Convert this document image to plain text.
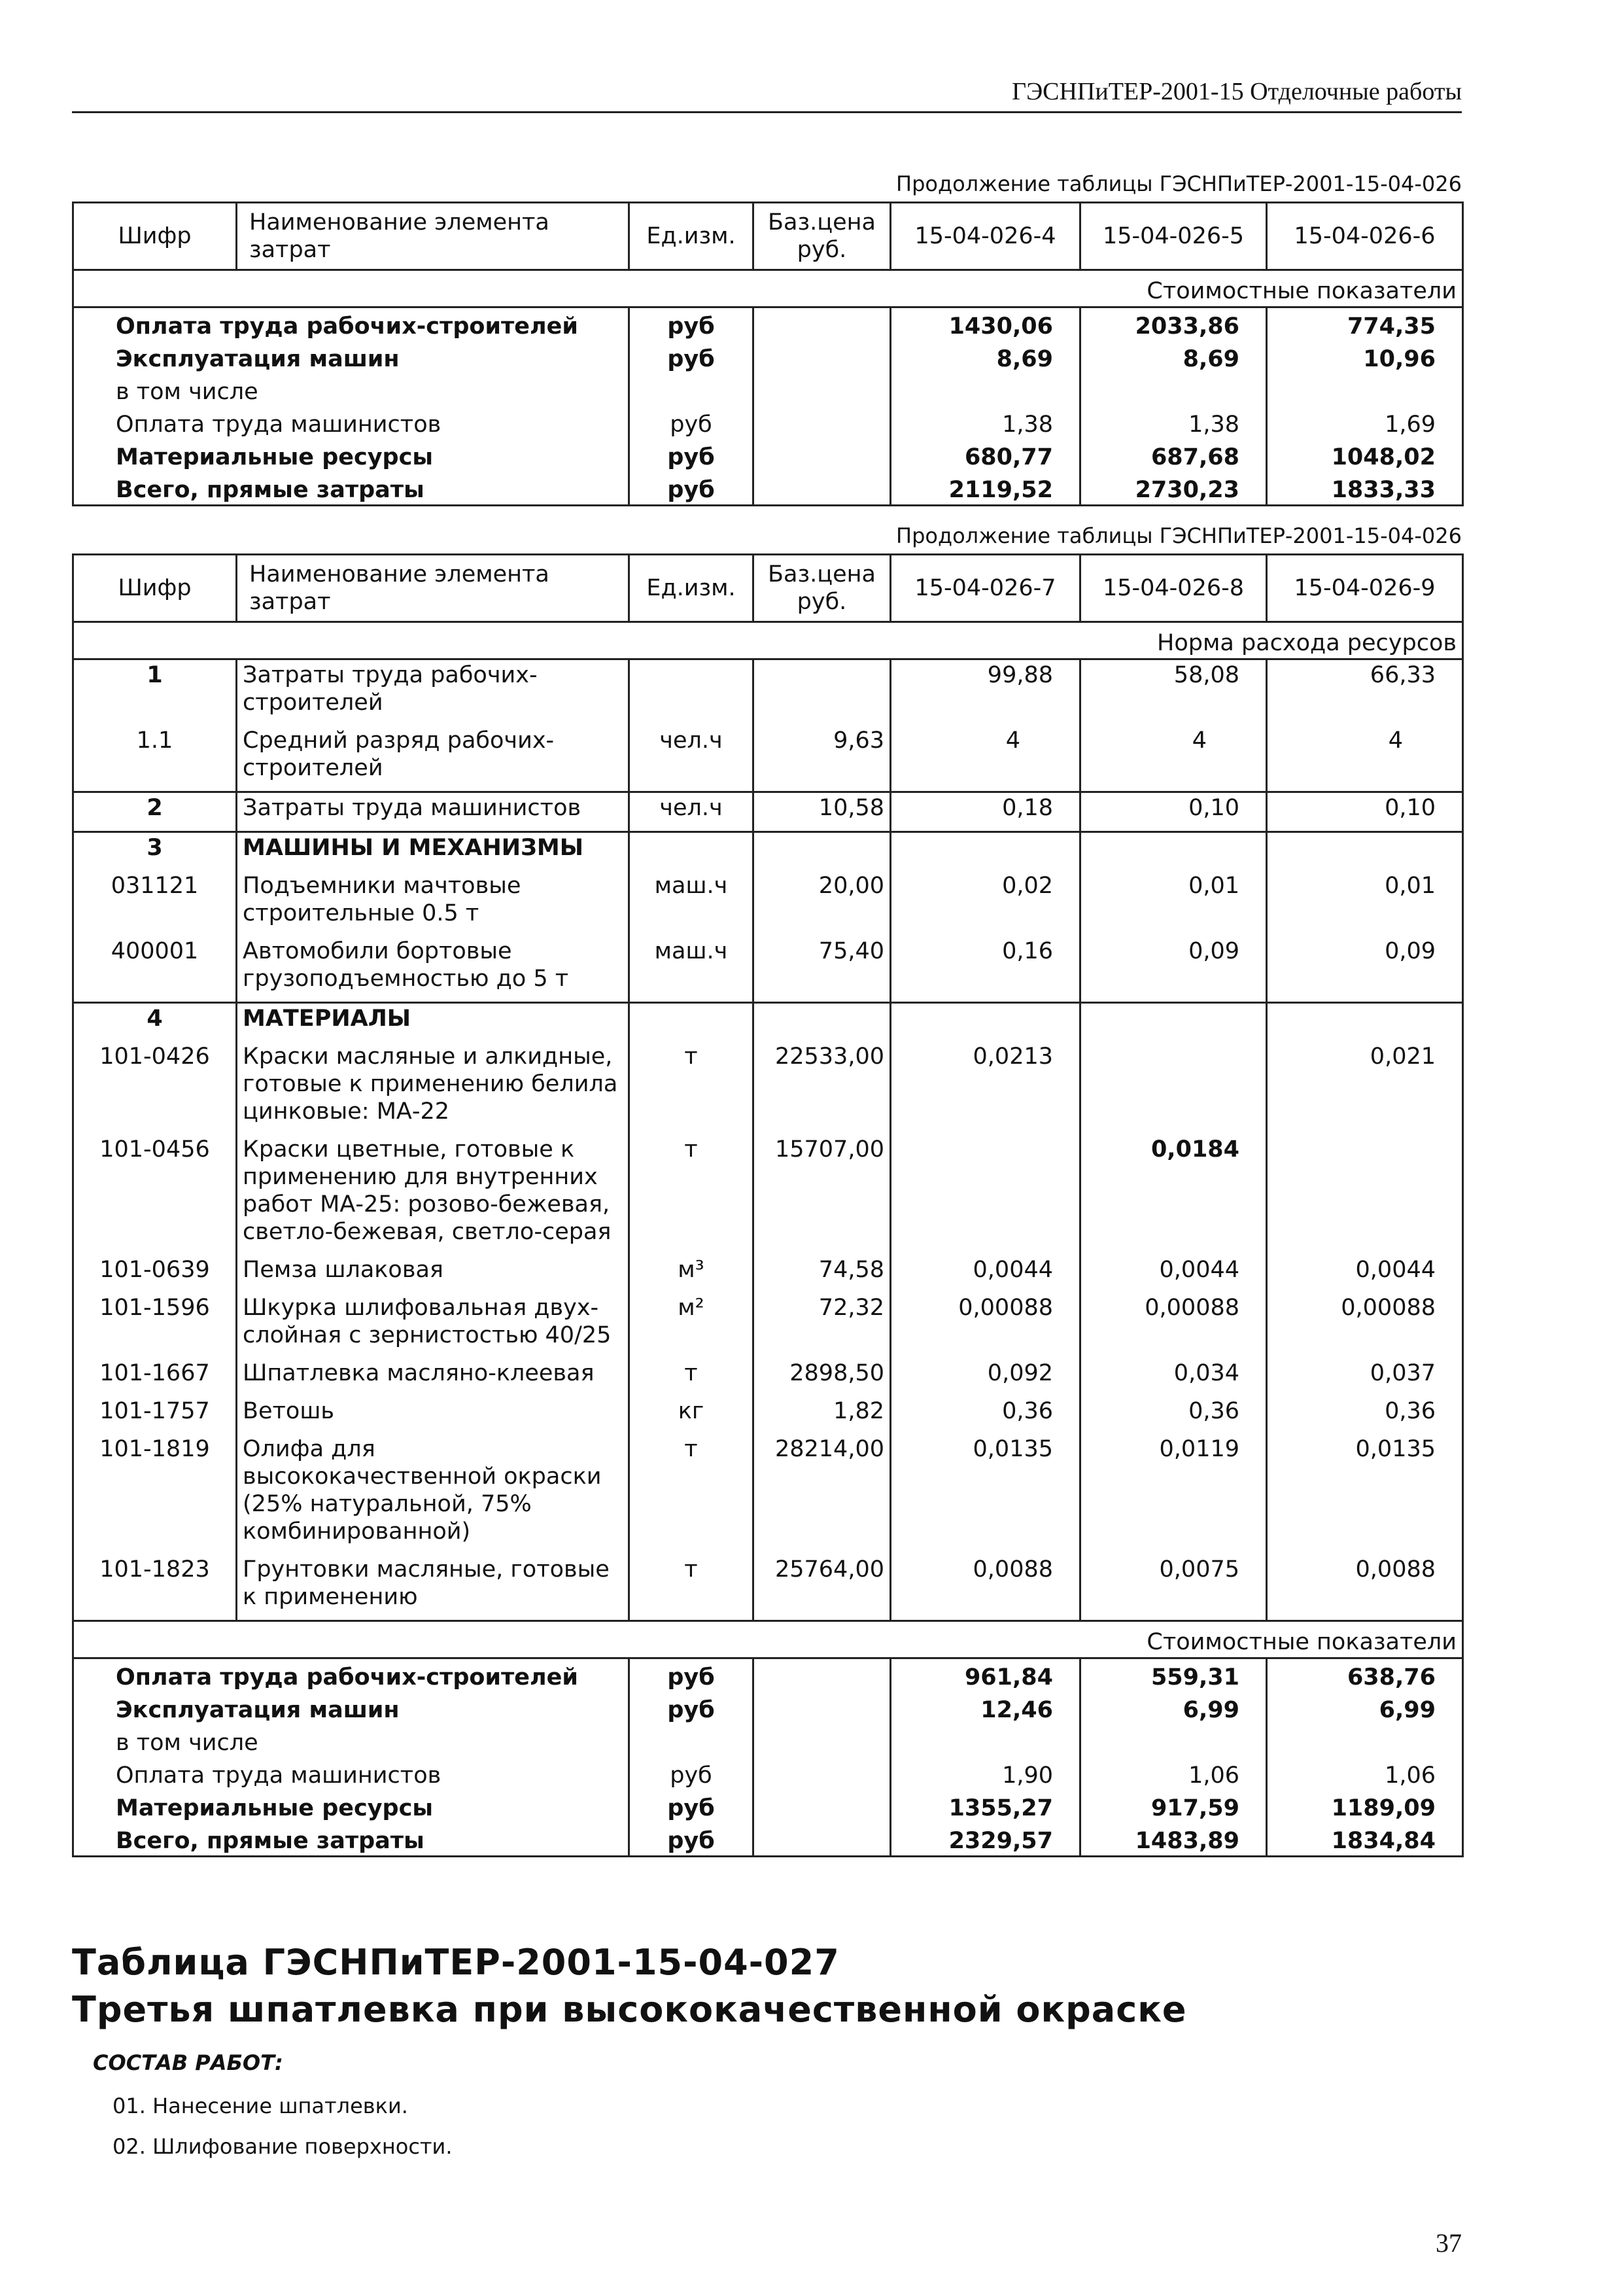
ГЭСНПиТЕР-2001-15 Отделочные работы
Продолжение таблицы ГЭСНПиТЕР-2001-15-04-026
Шифр	Наименование элемента затрат	Ед.изм.	Баз.цена руб.	15-04-026-4	15-04-026-5	15-04-026-6
Стоимостные показатели						
Оплата труда рабочих-строителей		руб		1430,06	2033,86	774,35
Эксплуатация машин		руб		8,69	8,69	10,96
в том числе						
Оплата труда машинистов		руб		1,38	1,38	1,69
Материальные ресурсы		руб		680,77	687,68	1048,02
Всего, прямые затраты		руб		2119,52	2730,23	1833,33
Продолжение таблицы ГЭСНПиТЕР-2001-15-04-026
Шифр	Наименование элемента затрат	Ед.изм.	Баз.цена руб.	15-04-026-7	15-04-026-8	15-04-026-9
Норма расхода ресурсов						
1	Затраты труда рабочих-строителей			99,88	58,08	66,33
1.1	Средний разряд рабочих-строителей	чел.ч	9,63	4	4	4
2	Затраты труда машинистов	чел.ч	10,58	0,18	0,10	0,10
3	МАШИНЫ И МЕХАНИЗМЫ					
031121	Подъемники мачтовые строительные 0.5 т	маш.ч	20,00	0,02	0,01	0,01
400001	Автомобили бортовые грузоподъемностью до 5 т	маш.ч	75,40	0,16	0,09	0,09
4	МАТЕРИАЛЫ					
101-0426	Краски масляные и алкидные, готовые к применению белила цинковые: МА-22	т	22533,00	0,0213		0,021
101-0456	Краски цветные, готовые к применению для внутренних работ МА-25: розово-бежевая, светло-бежевая, светло-серая	т	15707,00		0,0184	
101-0639	Пемза шлаковая	м³	74,58	0,0044	0,0044	0,0044
101-1596	Шкурка шлифовальная двух-слойная с зернистостью 40/25	м²	72,32	0,00088	0,00088	0,00088
101-1667	Шпатлевка масляно-клеевая	т	2898,50	0,092	0,034	0,037
101-1757	Ветошь	кг	1,82	0,36	0,36	0,36
101-1819	Олифа для высококачественной окраски (25% натуральной, 75% комбинированной)	т	28214,00	0,0135	0,0119	0,0135
101-1823	Грунтовки масляные, готовые к применению	т	25764,00	0,0088	0,0075	0,0088
Стоимостные показатели						
Оплата труда рабочих-строителей		руб		961,84	559,31	638,76
Эксплуатация машин		руб		12,46	6,99	6,99
в том числе						
Оплата труда машинистов		руб		1,90	1,06	1,06
Материальные ресурсы		руб		1355,27	917,59	1189,09
Всего, прямые затраты		руб		2329,57	1483,89	1834,84
Таблица ГЭСНПиТЕР-2001-15-04-027
Третья шпатлевка при высококачественной окраске
СОСТАВ РАБОТ:
01. Нанесение шпатлевки.
02. Шлифование поверхности.
37
